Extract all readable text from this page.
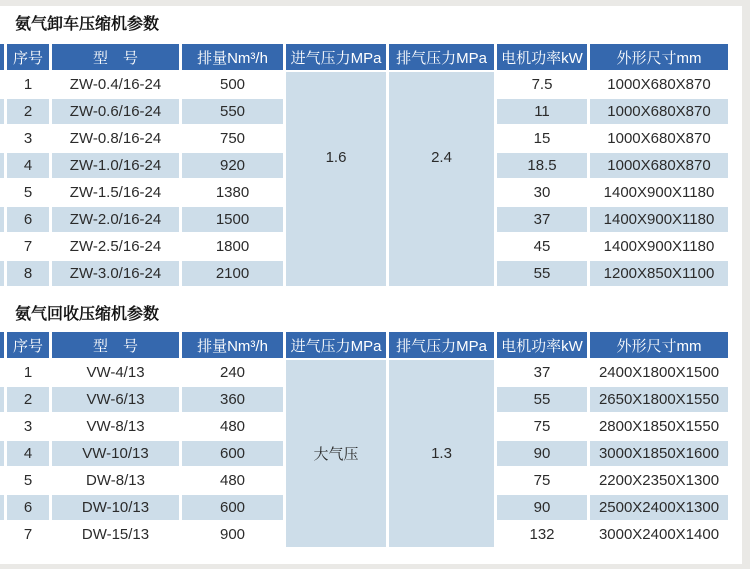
氨气卸车压缩机参数
	序号	型　号	排量Nm³/h	进气压力MPa	排气压力MPa	电机功率kW	外形尺寸mm
	1	ZW-0.4/16-24	500	1.6	2.4	7.5	1000X680X870
	2	ZW-0.6/16-24	550			11	1000X680X870
	3	ZW-0.8/16-24	750			15	1000X680X870
	4	ZW-1.0/16-24	920			18.5	1000X680X870
	5	ZW-1.5/16-24	1380			30	1400X900X1180
	6	ZW-2.0/16-24	1500			37	1400X900X1180
	7	ZW-2.5/16-24	1800			45	1400X900X1180
	8	ZW-3.0/16-24	2100			55	1200X850X1100
氨气回收压缩机参数
	序号	型　号	排量Nm³/h	进气压力MPa	排气压力MPa	电机功率kW	外形尺寸mm
	1	VW-4/13	240	大气压	1.3	37	2400X1800X1500
	2	VW-6/13	360			55	2650X1800X1550
	3	VW-8/13	480			75	2800X1850X1550
	4	VW-10/13	600			90	3000X1850X1600
	5	DW-8/13	480			75	2200X2350X1300
	6	DW-10/13	600			90	2500X2400X1300
	7	DW-15/13	900			132	3000X2400X1400
